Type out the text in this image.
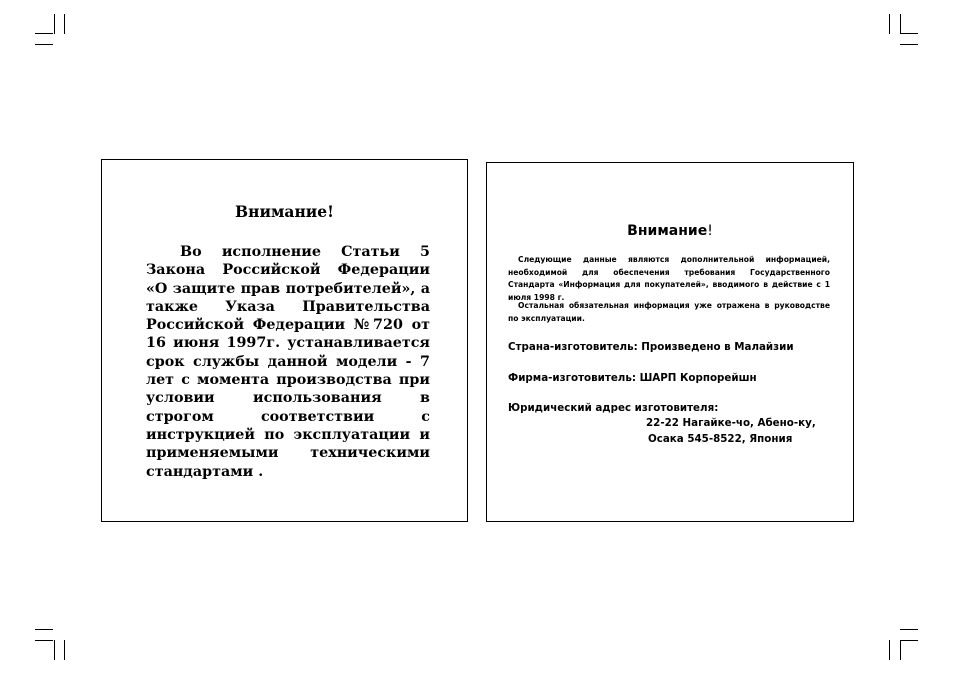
Внимание!
Во исполнение Статьи 5 Закона Российской Федерации «О защите прав потребителей», а также Указа Правительства Российской Федерации №720 от 16 июня 1997г. устанавливается срок службы данной модели - 7 лет с момента производства при условии использования в строгом соответствии с инструкцией по эксплуатации и применяемыми техническими стандартами .
Внимание!

Следующие данные являются дополнительной информацией, необходимой для обеспечения требования Государственного Стандарта «Информация для покупателей», вводимого в действие с 1 июля 1998 г.

Остальная обязательная информация уже отражена в руководстве по эксплуатации.

Страна-изготовитель: Произведено в Малайзии
Фирма-изготовитель: ШАРП Корпорейшн
Юридический адрес изготовителя:
22-22 Нагайке-чо, Абено-ку,
Осака 545-8522, Япония
